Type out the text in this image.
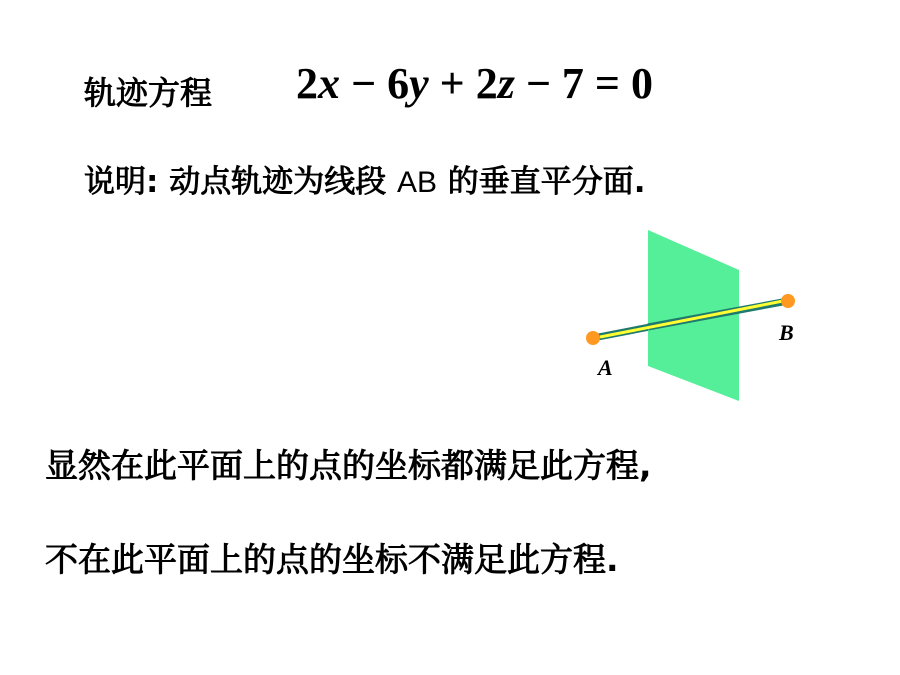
轨迹方程 2x − 6y + 2z − 7 = 0
说明: 动点轨迹为线段 AB 的垂直平分面.
A
B
显然在此平面上的点的坐标都满足此方程,
不在此平面上的点的坐标不满足此方程.
